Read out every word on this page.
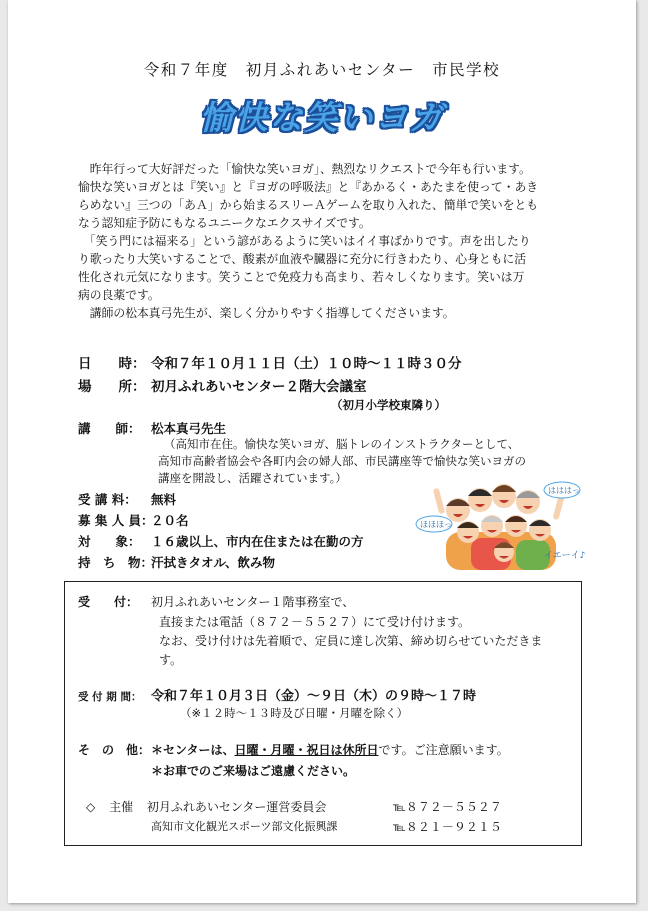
令和７年度　初月ふれあいセンター　市民学校
愉快な笑いヨガ
　昨年行って大好評だった「愉快な笑いヨガ」、熱烈なリクエストで今年も行います。
愉快な笑いヨガとは『笑い』と『ヨガの呼吸法』と『あかるく・あたまを使って・あき
らめない』三つの「あＡ」から始まるスリーＡゲームを取り入れた、簡単で笑いをとも
なう認知症予防にもなるユニークなエクスサイズです。
　「笑う門には福来る」という諺があるように笑いはイイ事ばかりです。声を出したり
り歌ったり大笑いすることで、酸素が血液や臓器に充分に行きわたり、心身ともに活
性化され元気になります。笑うことで免疫力も高まり、若々しくなります。笑いは万
病の良薬です。
　講師の松本真弓先生が、楽しく分かりやすく指導してくださいます。
日　　時： 令和７年１０月１１日（土）１０時～１１時３０分
場　　所： 初月ふれあいセンター２階大会議室
（初月小学校東隣り）
講　　師： 松本真弓先生
（高知市在住。愉快な笑いヨガ、脳トレのインストラクターとして、
高知市高齢者協会や各町内会の婦人部、市民講座等で愉快な笑いヨガの
講座を開設し、活躍されています。）
受 講 料： 無料
募 集 人 員：２０名
対　　象： １６歳以上、市内在住または在勤の方
持　ち　物：汗拭きタオル、飲み物
ほほほっ
はははっ
イエーイ♪
受　　付： 初月ふれあいセンター１階事務室で、
直接または電話（８７２－５５２７）にて受け付けます。
なお、受け付けは先着順で、定員に達し次第、締め切らせていただきま
す。
受 付 期 間： 令和７年１０月３日（金）～９日（木）の９時～１７時
（※１２時～１３時及び日曜・月曜を除く）
そ　の　他：＊センターは、日曜・月曜・祝日は休所日です。ご注意願います。
＊お車でのご来場はご遠慮ください。
◇ 主催 初月ふれあいセンター運営委員会	℡８７２－５５２７
高知市文化観光スポーツ部文化振興課	℡８２１－９２１５
